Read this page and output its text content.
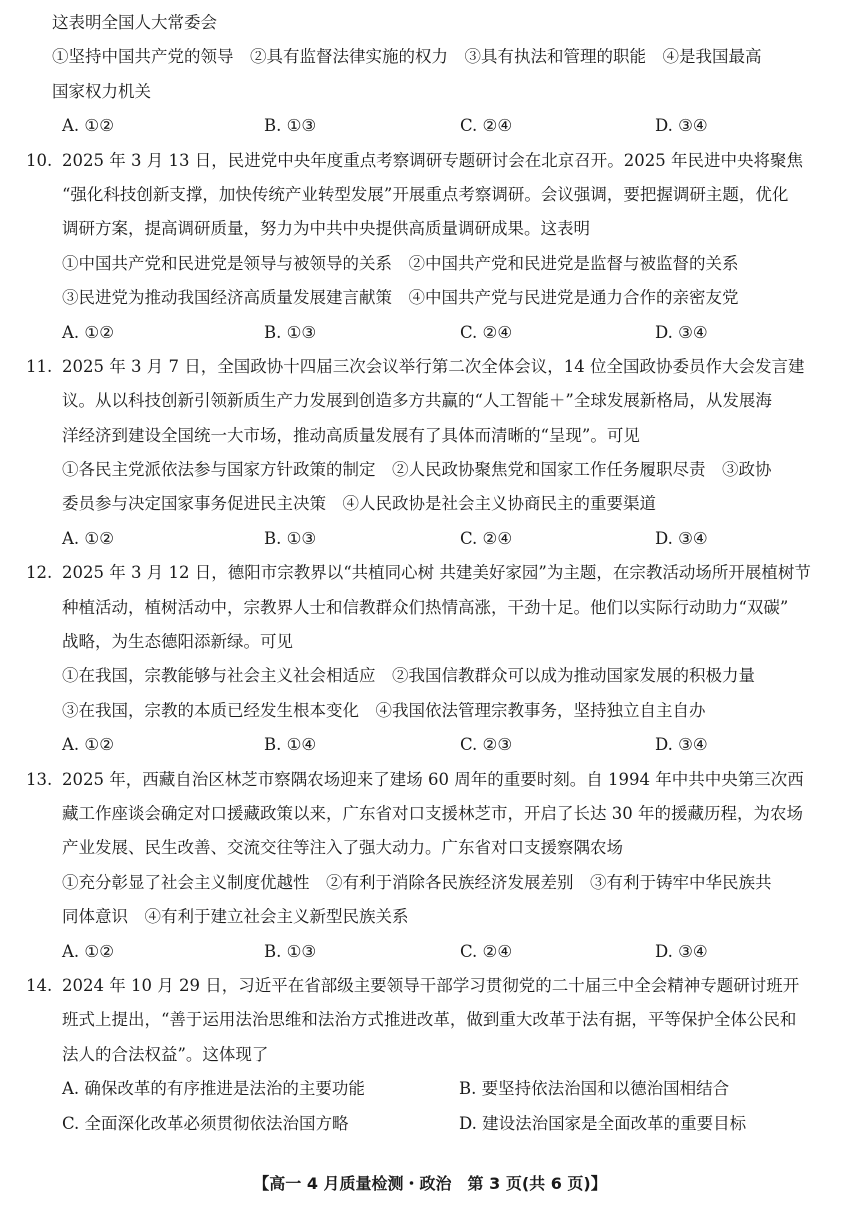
这表明全国人大常委会
①坚持中国共产党的领导　②具有监督法律实施的权力　③具有执法和管理的职能　④是我国最高
国家权力机关
A. ①②	B. ①③	C. ②④	D. ③④
10. 2025 年 3 月 13 日，民进党中央年度重点考察调研专题研讨会在北京召开。2025 年民进中央将聚焦
“强化科技创新支撑，加快传统产业转型发展”开展重点考察调研。会议强调，要把握调研主题，优化
调研方案，提高调研质量，努力为中共中央提供高质量调研成果。这表明
①中国共产党和民进党是领导与被领导的关系　②中国共产党和民进党是监督与被监督的关系
③民进党为推动我国经济高质量发展建言献策　④中国共产党与民进党是通力合作的亲密友党
A. ①②	B. ①③	C. ②④	D. ③④
11. 2025 年 3 月 7 日，全国政协十四届三次会议举行第二次全体会议，14 位全国政协委员作大会发言建
议。从以科技创新引领新质生产力发展到创造多方共赢的“人工智能＋”全球发展新格局，从发展海
洋经济到建设全国统一大市场，推动高质量发展有了具体而清晰的“呈现”。可见
①各民主党派依法参与国家方针政策的制定　②人民政协聚焦党和国家工作任务履职尽责　③政协
委员参与决定国家事务促进民主决策　④人民政协是社会主义协商民主的重要渠道
A. ①②	B. ①③	C. ②④	D. ③④
12. 2025 年 3 月 12 日，德阳市宗教界以“共植同心树 共建美好家园”为主题，在宗教活动场所开展植树节
种植活动，植树活动中，宗教界人士和信教群众们热情高涨，干劲十足。他们以实际行动助力“双碳”
战略，为生态德阳添新绿。可见
①在我国，宗教能够与社会主义社会相适应　②我国信教群众可以成为推动国家发展的积极力量
③在我国，宗教的本质已经发生根本变化　④我国依法管理宗教事务，坚持独立自主自办
A. ①②	B. ①④	C. ②③	D. ③④
13. 2025 年，西藏自治区林芝市察隅农场迎来了建场 60 周年的重要时刻。自 1994 年中共中央第三次西
藏工作座谈会确定对口援藏政策以来，广东省对口支援林芝市，开启了长达 30 年的援藏历程，为农场
产业发展、民生改善、交流交往等注入了强大动力。广东省对口支援察隅农场
①充分彰显了社会主义制度优越性　②有利于消除各民族经济发展差别　③有利于铸牢中华民族共
同体意识　④有利于建立社会主义新型民族关系
A. ①②	B. ①③	C. ②④	D. ③④
14. 2024 年 10 月 29 日，习近平在省部级主要领导干部学习贯彻党的二十届三中全会精神专题研讨班开
班式上提出，“善于运用法治思维和法治方式推进改革，做到重大改革于法有据，平等保护全体公民和
法人的合法权益”。这体现了
A. 确保改革的有序推进是法治的主要功能	B. 要坚持依法治国和以德治国相结合
C. 全面深化改革必须贯彻依法治国方略	D. 建设法治国家是全面改革的重要目标
【高一 4 月质量检测・政治　第 3 页(共 6 页)】
